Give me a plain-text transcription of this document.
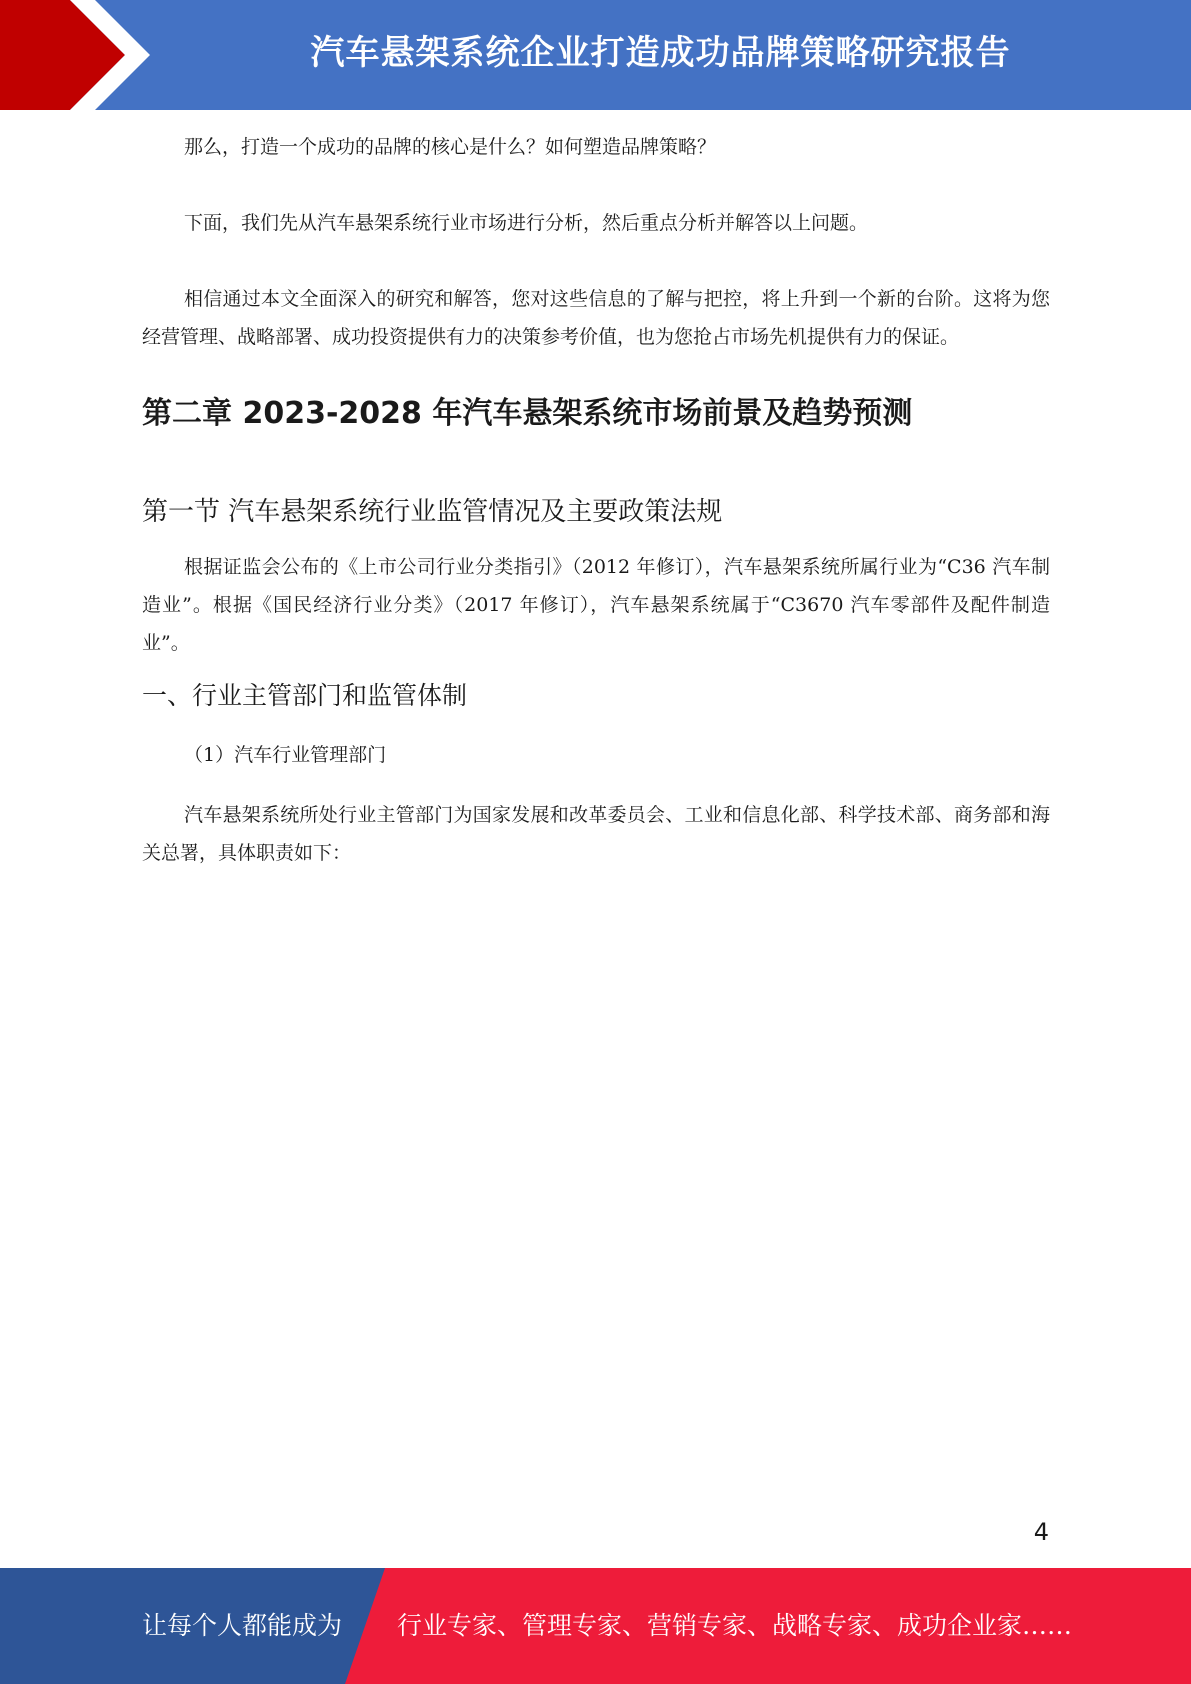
汽车悬架系统企业打造成功品牌策略研究报告

那么，打造一个成功的品牌的核心是什么？如何塑造品牌策略？

下面，我们先从汽车悬架系统行业市场进行分析，然后重点分析并解答以上问题。

相信通过本文全面深入的研究和解答，您对这些信息的了解与把控，将上升到一个新的台阶。这将为您经营管理、战略部署、成功投资提供有力的决策参考价值，也为您抢占市场先机提供有力的保证。

第二章 2023-2028 年汽车悬架系统市场前景及趋势预测
第一节 汽车悬架系统行业监管情况及主要政策法规

根据证监会公布的《上市公司行业分类指引》（2012 年修订），汽车悬架系统所属行业为“C36 汽车制造业”。根据《国民经济行业分类》（2017 年修订），汽车悬架系统属于“C3670 汽车零部件及配件制造业”。

一、行业主管部门和监管体制

（1）汽车行业管理部门

汽车悬架系统所处行业主管部门为国家发展和改革委员会、工业和信息化部、科学技术部、商务部和海关总署，具体职责如下：

4
让每个人都能成为 行业专家、管理专家、营销专家、战略专家、成功企业家……
